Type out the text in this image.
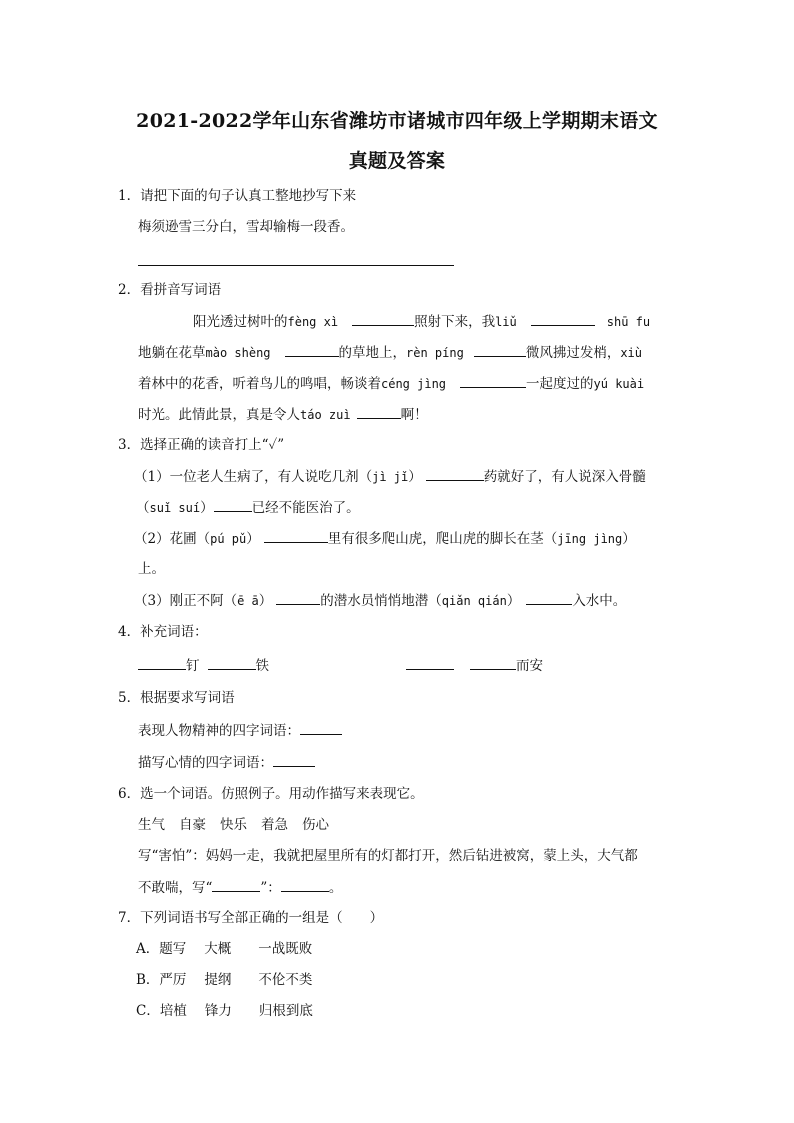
2021-2022学年山东省潍坊市诸城市四年级上学期期末语文
真题及答案
1．请把下面的句子认真工整地抄写下来
梅须逊雪三分白，雪却输梅一段香。
2．看拼音写词语
阳光透过树叶的fèng xì	照射下来，我liǔ	shū fu
地躺在花草mào shèng	的草地上，rèn píng	微风拂过发梢，xiù
着林中的花香，听着鸟儿的鸣唱，畅谈着céng jìng	一起度过的yú kuài
时光。此情此景，真是令人táo zuì	啊！
3．选择正确的读音打上“✓”
（1）一位老人生病了，有人说吃几剂（jì jǐ）	药就好了，有人说深入骨髓
（suǐ suí）	已经不能医治了。
（2）花圃（pú pǔ）	里有很多爬山虎，爬山虎的脚长在茎（jīng jìng）
上。
（3）刚正不阿（ē ā）	的潜水员悄悄地潜（qiǎn qián）	入水中。
4．补充词语：
钉	铁	而安
5．根据要求写词语
表现人物精神的四字词语：
描写心情的四字词语：
6．选一个词语。仿照例子。用动作描写来表现它。
生气 自豪 快乐 着急 伤心
写“害怕”：妈妈一走，我就把屋里所有的灯都打开，然后钻进被窝，蒙上头，大气都
不敢喘，写“	”：	。
7．下列词语书写全部正确的一组是（　　）
A．题写 大概 一战既败
B．严厉 提纲 不伦不类
C．培植 锋力 归根到底
